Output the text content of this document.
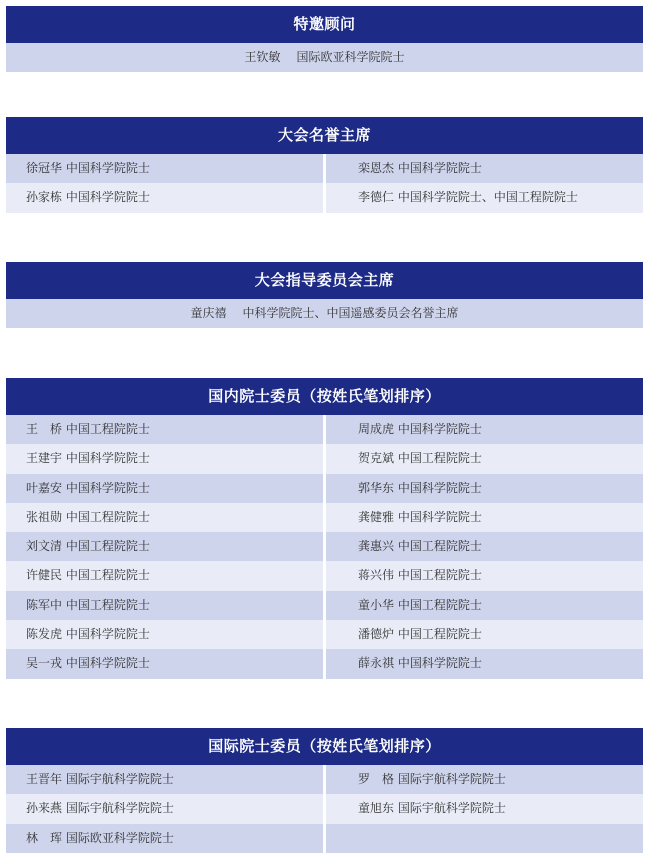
特邀顾问
王钦敏 国际欧亚科学院院士
大会名誉主席
徐冠华 中国科学院院士	栾恩杰 中国科学院院士
孙家栋 中国科学院院士	李德仁 中国科学院院士、中国工程院院士
大会指导委员会主席
童庆禧 中科学院院士、中国遥感委员会名誉主席
国内院士委员（按姓氏笔划排序）
王　桥 中国工程院院士	周成虎 中国科学院院士
王建宇 中国科学院院士	贺克斌 中国工程院院士
叶嘉安 中国科学院院士	郭华东 中国科学院院士
张祖勋 中国工程院院士	龚健雅 中国科学院院士
刘文清 中国工程院院士	龚惠兴 中国工程院院士
许健民 中国工程院院士	蒋兴伟 中国工程院院士
陈军中 中国工程院院士	童小华 中国工程院院士
陈发虎 中国科学院院士	潘德炉 中国工程院院士
吴一戎 中国科学院院士	薛永祺 中国科学院院士
国际院士委员（按姓氏笔划排序）
王晋年 国际宇航科学院院士	罗　格 国际宇航科学院院士
孙来燕 国际宇航科学院院士	童旭东 国际宇航科学院院士
林　珲 国际欧亚科学院院士
